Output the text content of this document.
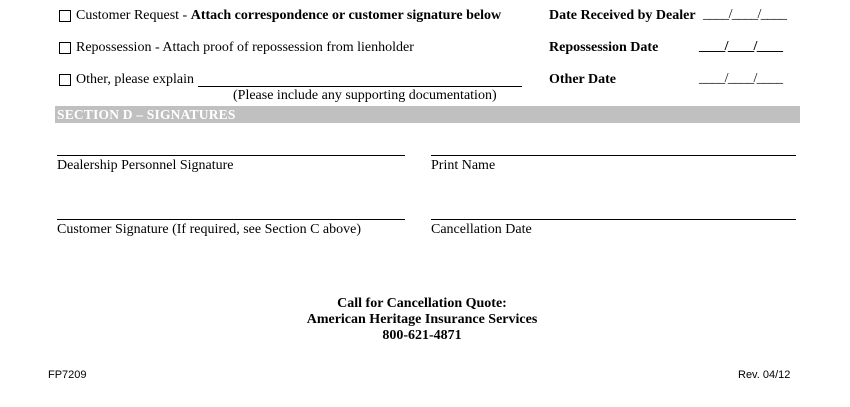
Customer Request - Attach correspondence or customer signature below	Date Received by Dealer ____/____/____
Repossession - Attach proof of repossession from lienholder	Repossession Date	____/____/____
Other, please explain	Other Date	____/____/____
(Please include any supporting documentation)
SECTION D – SIGNATURES
Dealership Personnel Signature	Print Name
Customer Signature (If required, see Section C above)	Cancellation Date
Call for Cancellation Quote:
American Heritage Insurance Services
800-621-4871
FP7209	Rev. 04/12
